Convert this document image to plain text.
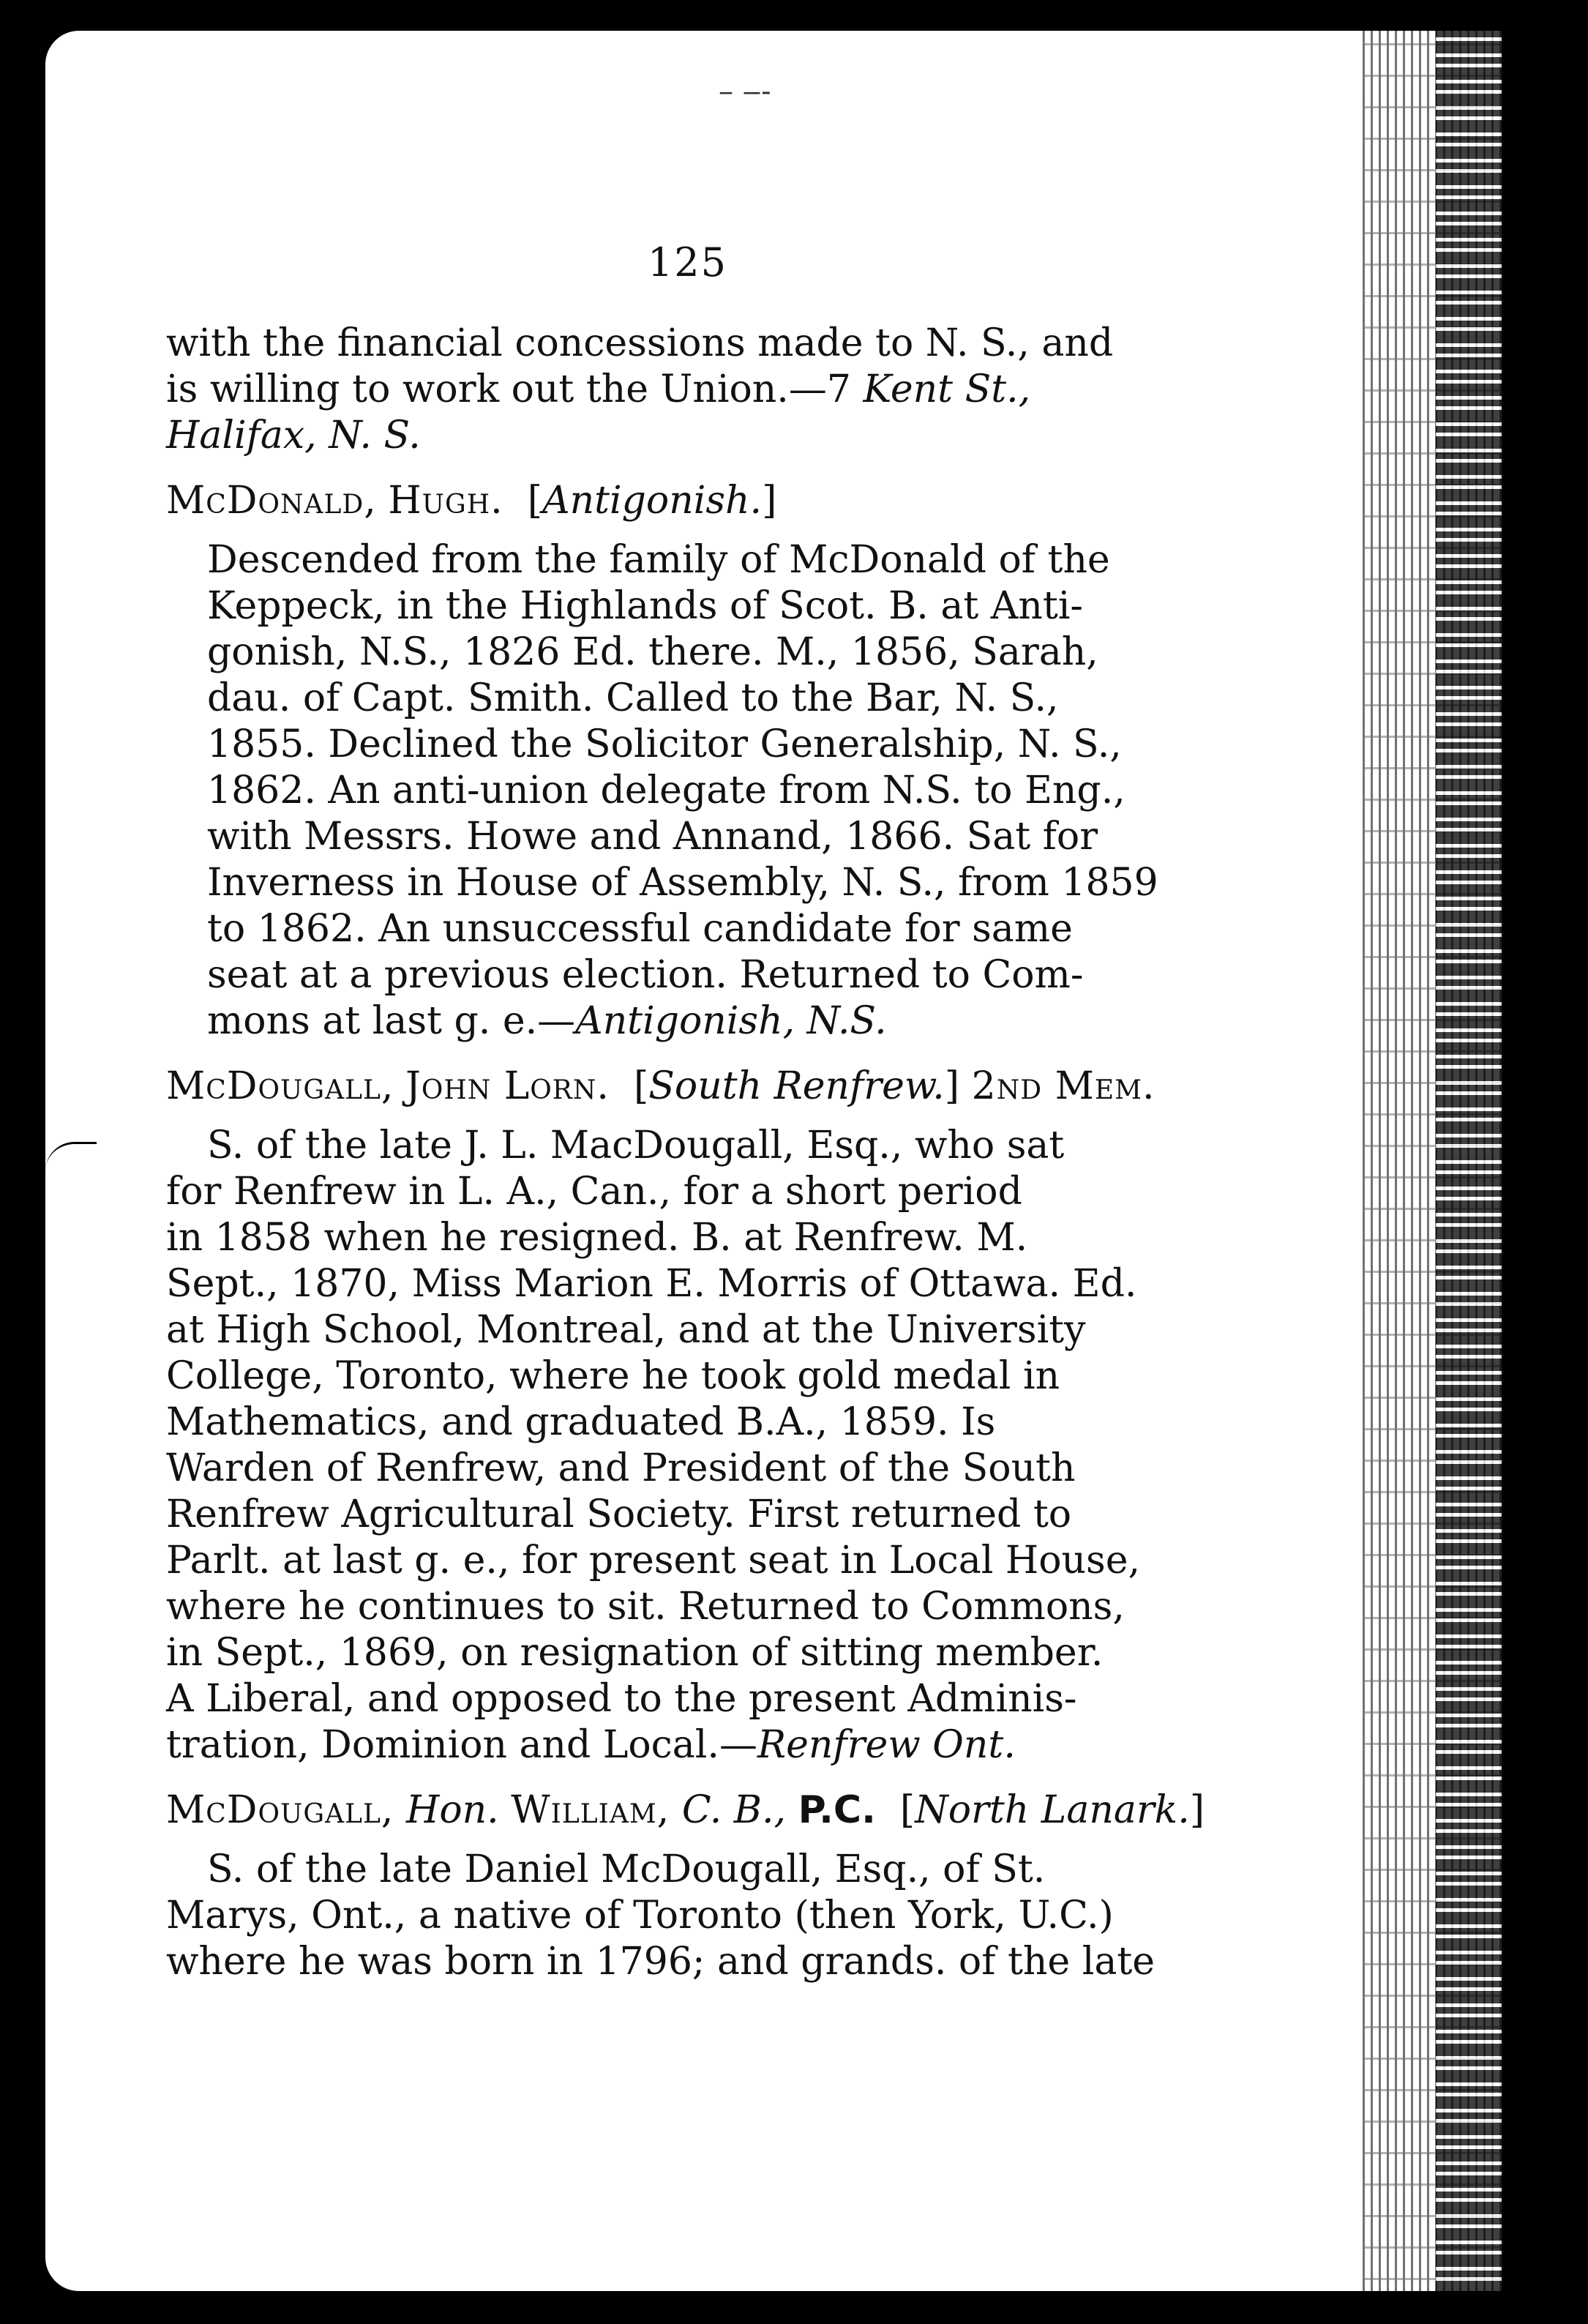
– ‒‑
125

with the financial concessions made to N. S., and

is willing to work out the Union.—7 Kent St.,

Halifax, N. S.

McDonald, Hugh.  [Antigonish.]

Descended from the family of McDonald of the

Keppeck, in the Highlands of Scot. B. at Anti-

gonish, N.S., 1826 Ed. there. M., 1856, Sarah,

dau. of Capt. Smith. Called to the Bar, N. S.,

1855. Declined the Solicitor Generalship, N. S.,

1862. An anti-union delegate from N.S. to Eng.,

with Messrs. Howe and Annand, 1866. Sat for

Inverness in House of Assembly, N. S., from 1859

to 1862. An unsuccessful candidate for same

seat at a previous election. Returned to Com-

mons at last g. e.—Antigonish, N.S.

McDougall, John Lorn.  [South Renfrew.] 2nd Mem.

S. of the late J. L. MacDougall, Esq., who sat

for Renfrew in L. A., Can., for a short period

in 1858 when he resigned. B. at Renfrew. M.

Sept., 1870, Miss Marion E. Morris of Ottawa. Ed.

at High School, Montreal, and at the University

College, Toronto, where he took gold medal in

Mathematics, and graduated B.A., 1859. Is

Warden of Renfrew, and President of the South

Renfrew Agricultural Society. First returned to

Parlt. at last g. e., for present seat in Local House,

where he continues to sit. Returned to Commons,

in Sept., 1869, on resignation of sitting member.

A Liberal, and opposed to the present Adminis-

tration, Dominion and Local.—Renfrew Ont.

McDougall, Hon. William, C. B., P.C.  [North Lanark.]

S. of the late Daniel McDougall, Esq., of St.

Marys, Ont., a native of Toronto (then York, U.C.)

where he was born in 1796; and grands. of the late
